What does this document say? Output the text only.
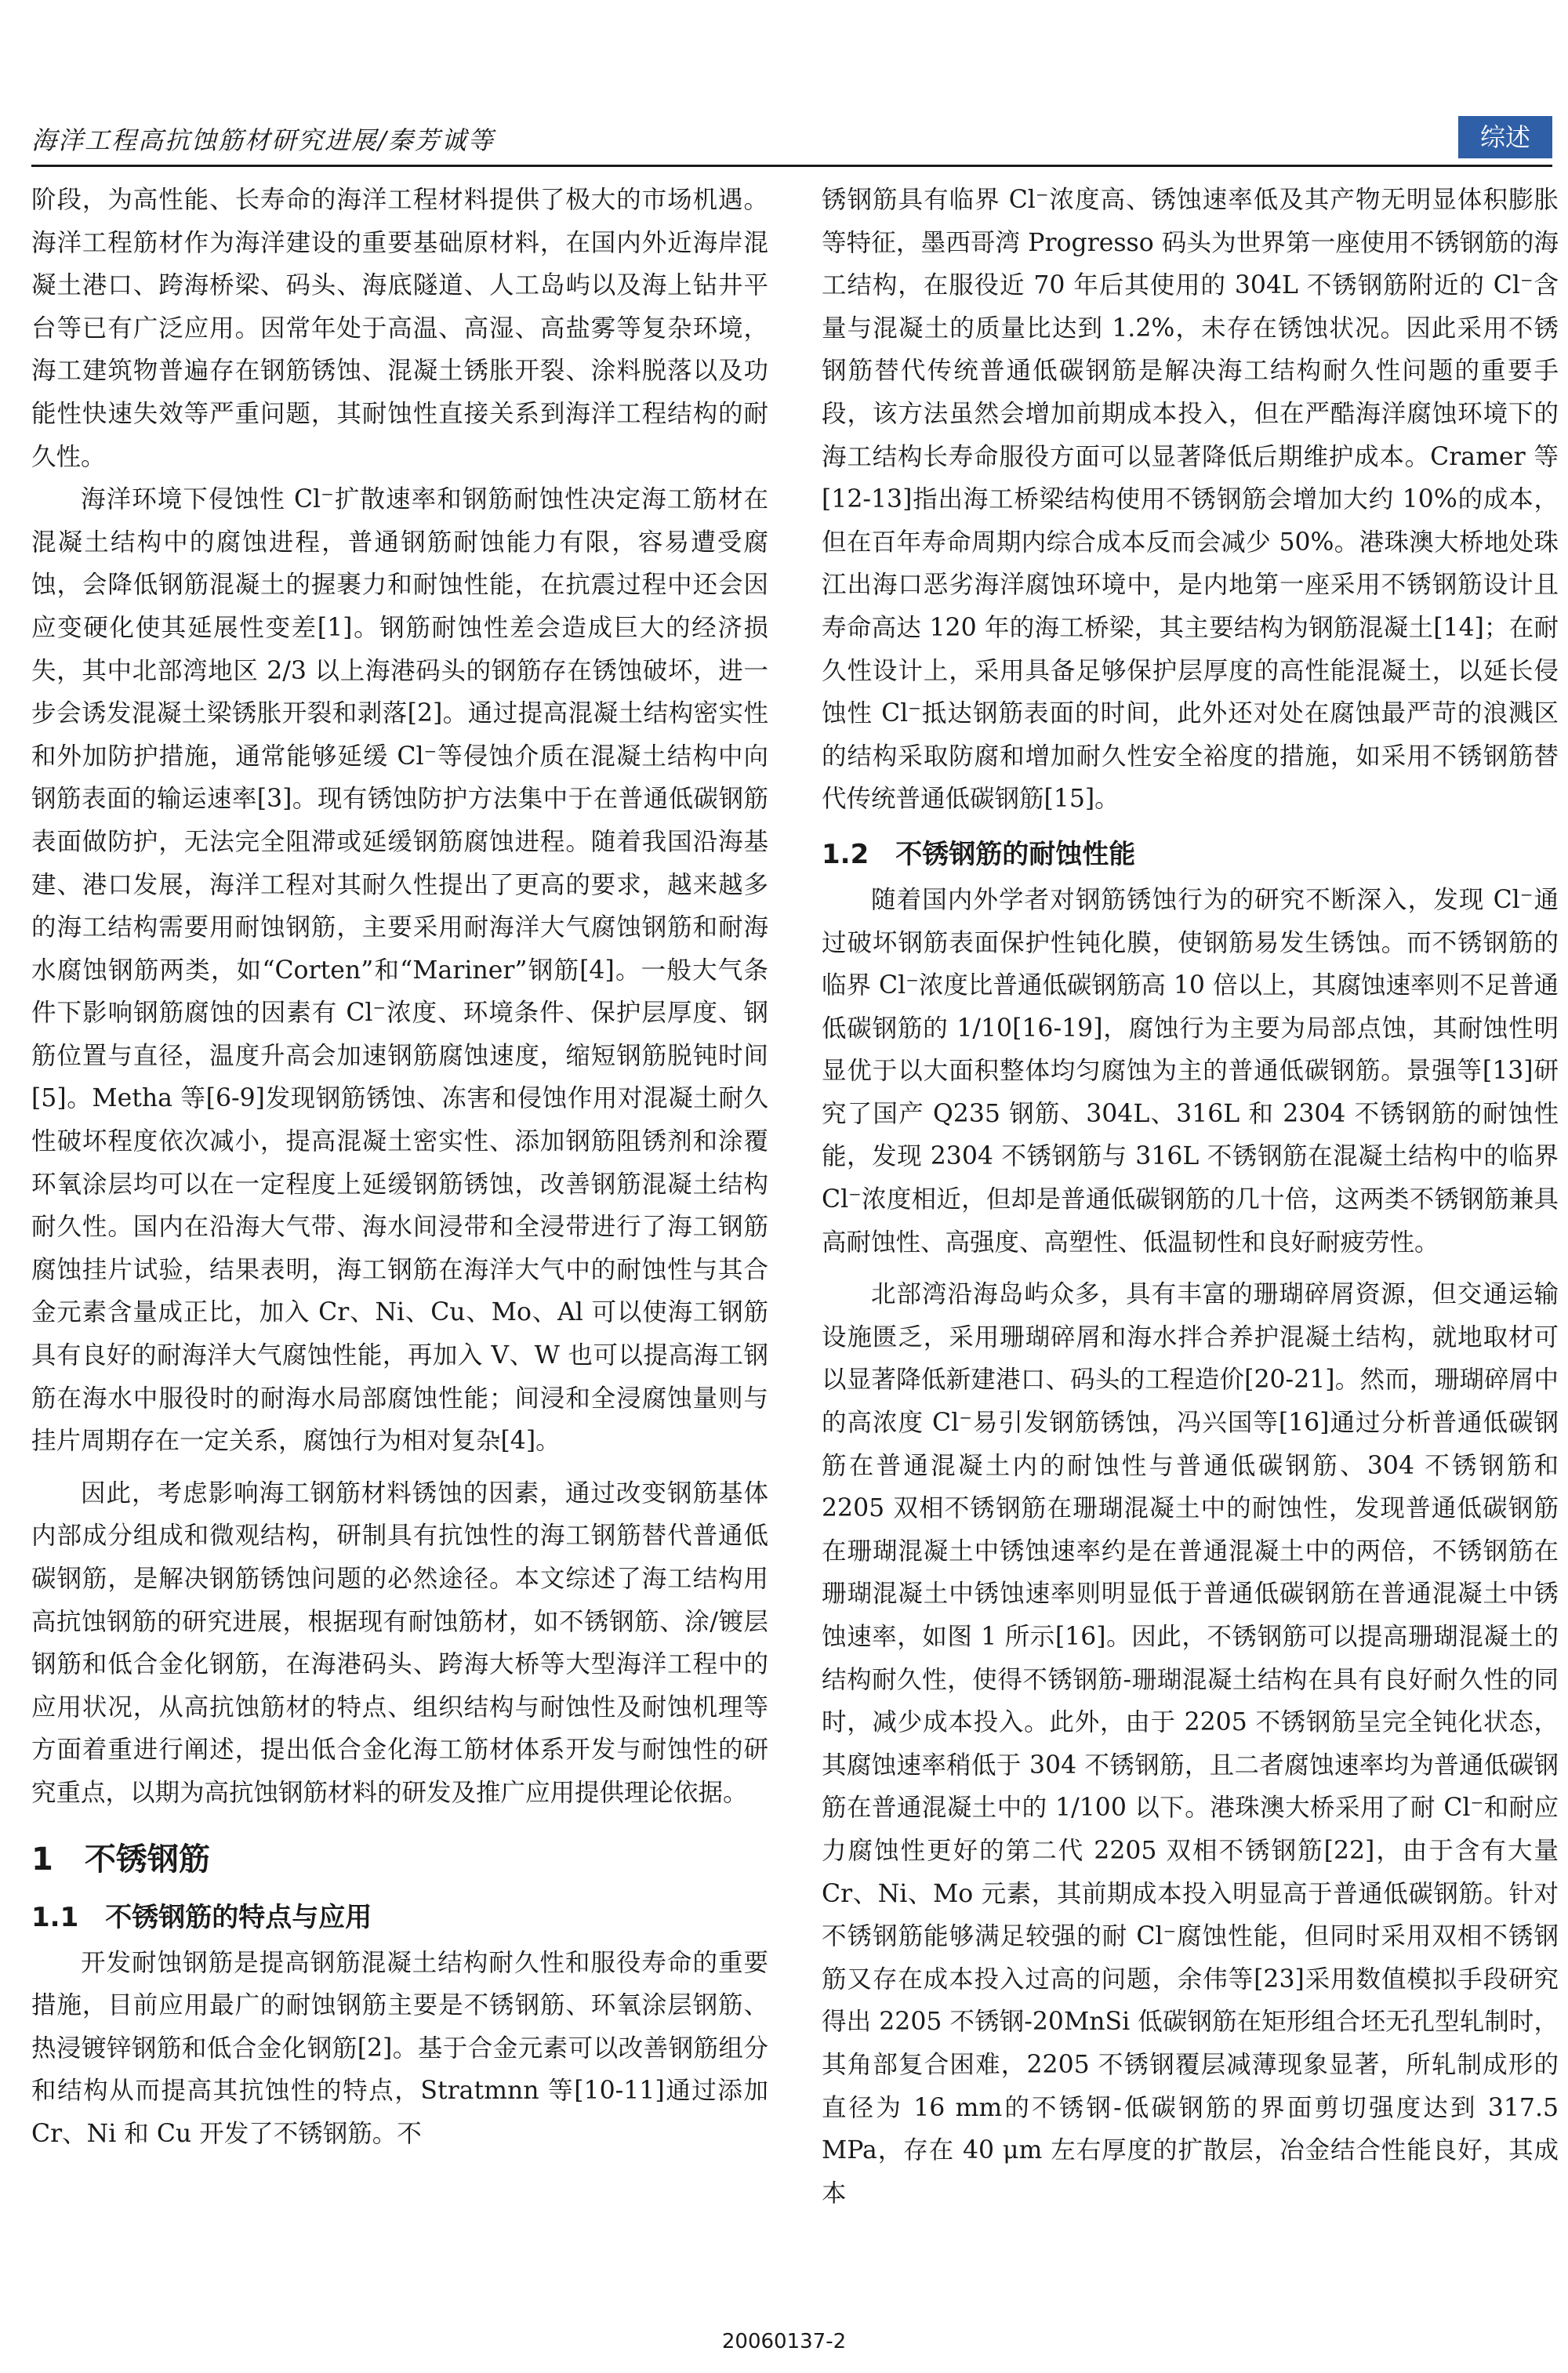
海洋工程高抗蚀筋材研究进展/秦芳诚等	综述

阶段，为高性能、长寿命的海洋工程材料提供了极大的市场机遇。海洋工程筋材作为海洋建设的重要基础原材料，在国内外近海岸混凝土港口、跨海桥梁、码头、海底隧道、人工岛屿以及海上钻井平台等已有广泛应用。因常年处于高温、高湿、高盐雾等复杂环境，海工建筑物普遍存在钢筋锈蚀、混凝土锈胀开裂、涂料脱落以及功能性快速失效等严重问题，其耐蚀性直接关系到海洋工程结构的耐久性。

海洋环境下侵蚀性 Cl⁻扩散速率和钢筋耐蚀性决定海工筋材在混凝土结构中的腐蚀进程，普通钢筋耐蚀能力有限，容易遭受腐蚀，会降低钢筋混凝土的握裹力和耐蚀性能，在抗震过程中还会因应变硬化使其延展性变差[1]。钢筋耐蚀性差会造成巨大的经济损失，其中北部湾地区 2/3 以上海港码头的钢筋存在锈蚀破坏，进一步会诱发混凝土梁锈胀开裂和剥落[2]。通过提高混凝土结构密实性和外加防护措施，通常能够延缓 Cl⁻等侵蚀介质在混凝土结构中向钢筋表面的输运速率[3]。现有锈蚀防护方法集中于在普通低碳钢筋表面做防护，无法完全阻滞或延缓钢筋腐蚀进程。随着我国沿海基建、港口发展，海洋工程对其耐久性提出了更高的要求，越来越多的海工结构需要用耐蚀钢筋，主要采用耐海洋大气腐蚀钢筋和耐海水腐蚀钢筋两类，如“Corten”和“Mariner”钢筋[4]。一般大气条件下影响钢筋腐蚀的因素有 Cl⁻浓度、环境条件、保护层厚度、钢筋位置与直径，温度升高会加速钢筋腐蚀速度，缩短钢筋脱钝时间[5]。Metha 等[6-9]发现钢筋锈蚀、冻害和侵蚀作用对混凝土耐久性破坏程度依次减小，提高混凝土密实性、添加钢筋阻锈剂和涂覆环氧涂层均可以在一定程度上延缓钢筋锈蚀，改善钢筋混凝土结构耐久性。国内在沿海大气带、海水间浸带和全浸带进行了海工钢筋腐蚀挂片试验，结果表明，海工钢筋在海洋大气中的耐蚀性与其合金元素含量成正比，加入 Cr、Ni、Cu、Mo、Al 可以使海工钢筋具有良好的耐海洋大气腐蚀性能，再加入 V、W 也可以提高海工钢筋在海水中服役时的耐海水局部腐蚀性能；间浸和全浸腐蚀量则与挂片周期存在一定关系，腐蚀行为相对复杂[4]。

因此，考虑影响海工钢筋材料锈蚀的因素，通过改变钢筋基体内部成分组成和微观结构，研制具有抗蚀性的海工钢筋替代普通低碳钢筋，是解决钢筋锈蚀问题的必然途径。本文综述了海工结构用高抗蚀钢筋的研究进展，根据现有耐蚀筋材，如不锈钢筋、涂/镀层钢筋和低合金化钢筋，在海港码头、跨海大桥等大型海洋工程中的应用状况，从高抗蚀筋材的特点、组织结构与耐蚀性及耐蚀机理等方面着重进行阐述，提出低合金化海工筋材体系开发与耐蚀性的研究重点，以期为高抗蚀钢筋材料的研发及推广应用提供理论依据。

1　不锈钢筋
1.1　不锈钢筋的特点与应用

开发耐蚀钢筋是提高钢筋混凝土结构耐久性和服役寿命的重要措施，目前应用最广的耐蚀钢筋主要是不锈钢筋、环氧涂层钢筋、热浸镀锌钢筋和低合金化钢筋[2]。基于合金元素可以改善钢筋组分和结构从而提高其抗蚀性的特点，Stratmnn 等[10-11]通过添加 Cr、Ni 和 Cu 开发了不锈钢筋。不

锈钢筋具有临界 Cl⁻浓度高、锈蚀速率低及其产物无明显体积膨胀等特征，墨西哥湾 Progresso 码头为世界第一座使用不锈钢筋的海工结构，在服役近 70 年后其使用的 304L 不锈钢筋附近的 Cl⁻含量与混凝土的质量比达到 1.2%，未存在锈蚀状况。因此采用不锈钢筋替代传统普通低碳钢筋是解决海工结构耐久性问题的重要手段，该方法虽然会增加前期成本投入，但在严酷海洋腐蚀环境下的海工结构长寿命服役方面可以显著降低后期维护成本。Cramer 等[12-13]指出海工桥梁结构使用不锈钢筋会增加大约 10%的成本，但在百年寿命周期内综合成本反而会减少 50%。港珠澳大桥地处珠江出海口恶劣海洋腐蚀环境中，是内地第一座采用不锈钢筋设计且寿命高达 120 年的海工桥梁，其主要结构为钢筋混凝土[14]；在耐久性设计上，采用具备足够保护层厚度的高性能混凝土，以延长侵蚀性 Cl⁻抵达钢筋表面的时间，此外还对处在腐蚀最严苛的浪溅区的结构采取防腐和增加耐久性安全裕度的措施，如采用不锈钢筋替代传统普通低碳钢筋[15]。

1.2　不锈钢筋的耐蚀性能

随着国内外学者对钢筋锈蚀行为的研究不断深入，发现 Cl⁻通过破坏钢筋表面保护性钝化膜，使钢筋易发生锈蚀。而不锈钢筋的临界 Cl⁻浓度比普通低碳钢筋高 10 倍以上，其腐蚀速率则不足普通低碳钢筋的 1/10[16-19]，腐蚀行为主要为局部点蚀，其耐蚀性明显优于以大面积整体均匀腐蚀为主的普通低碳钢筋。景强等[13]研究了国产 Q235 钢筋、304L、316L 和 2304 不锈钢筋的耐蚀性能，发现 2304 不锈钢筋与 316L 不锈钢筋在混凝土结构中的临界 Cl⁻浓度相近，但却是普通低碳钢筋的几十倍，这两类不锈钢筋兼具高耐蚀性、高强度、高塑性、低温韧性和良好耐疲劳性。

北部湾沿海岛屿众多，具有丰富的珊瑚碎屑资源，但交通运输设施匮乏，采用珊瑚碎屑和海水拌合养护混凝土结构，就地取材可以显著降低新建港口、码头的工程造价[20-21]。然而，珊瑚碎屑中的高浓度 Cl⁻易引发钢筋锈蚀，冯兴国等[16]通过分析普通低碳钢筋在普通混凝土内的耐蚀性与普通低碳钢筋、304 不锈钢筋和 2205 双相不锈钢筋在珊瑚混凝土中的耐蚀性，发现普通低碳钢筋在珊瑚混凝土中锈蚀速率约是在普通混凝土中的两倍，不锈钢筋在珊瑚混凝土中锈蚀速率则明显低于普通低碳钢筋在普通混凝土中锈蚀速率，如图 1 所示[16]。因此，不锈钢筋可以提高珊瑚混凝土的结构耐久性，使得不锈钢筋-珊瑚混凝土结构在具有良好耐久性的同时，减少成本投入。此外，由于 2205 不锈钢筋呈完全钝化状态，其腐蚀速率稍低于 304 不锈钢筋，且二者腐蚀速率均为普通低碳钢筋在普通混凝土中的 1/100 以下。港珠澳大桥采用了耐 Cl⁻和耐应力腐蚀性更好的第二代 2205 双相不锈钢筋[22]，由于含有大量 Cr、Ni、Mo 元素，其前期成本投入明显高于普通低碳钢筋。针对不锈钢筋能够满足较强的耐 Cl⁻腐蚀性能，但同时采用双相不锈钢筋又存在成本投入过高的问题，余伟等[23]采用数值模拟手段研究得出 2205 不锈钢-20MnSi 低碳钢筋在矩形组合坯无孔型轧制时，其角部复合困难，2205 不锈钢覆层减薄现象显著，所轧制成形的直径为 16 mm的不锈钢-低碳钢筋的界面剪切强度达到 317.5 MPa，存在 40 μm 左右厚度的扩散层，冶金结合性能良好，其成本

20060137-2
